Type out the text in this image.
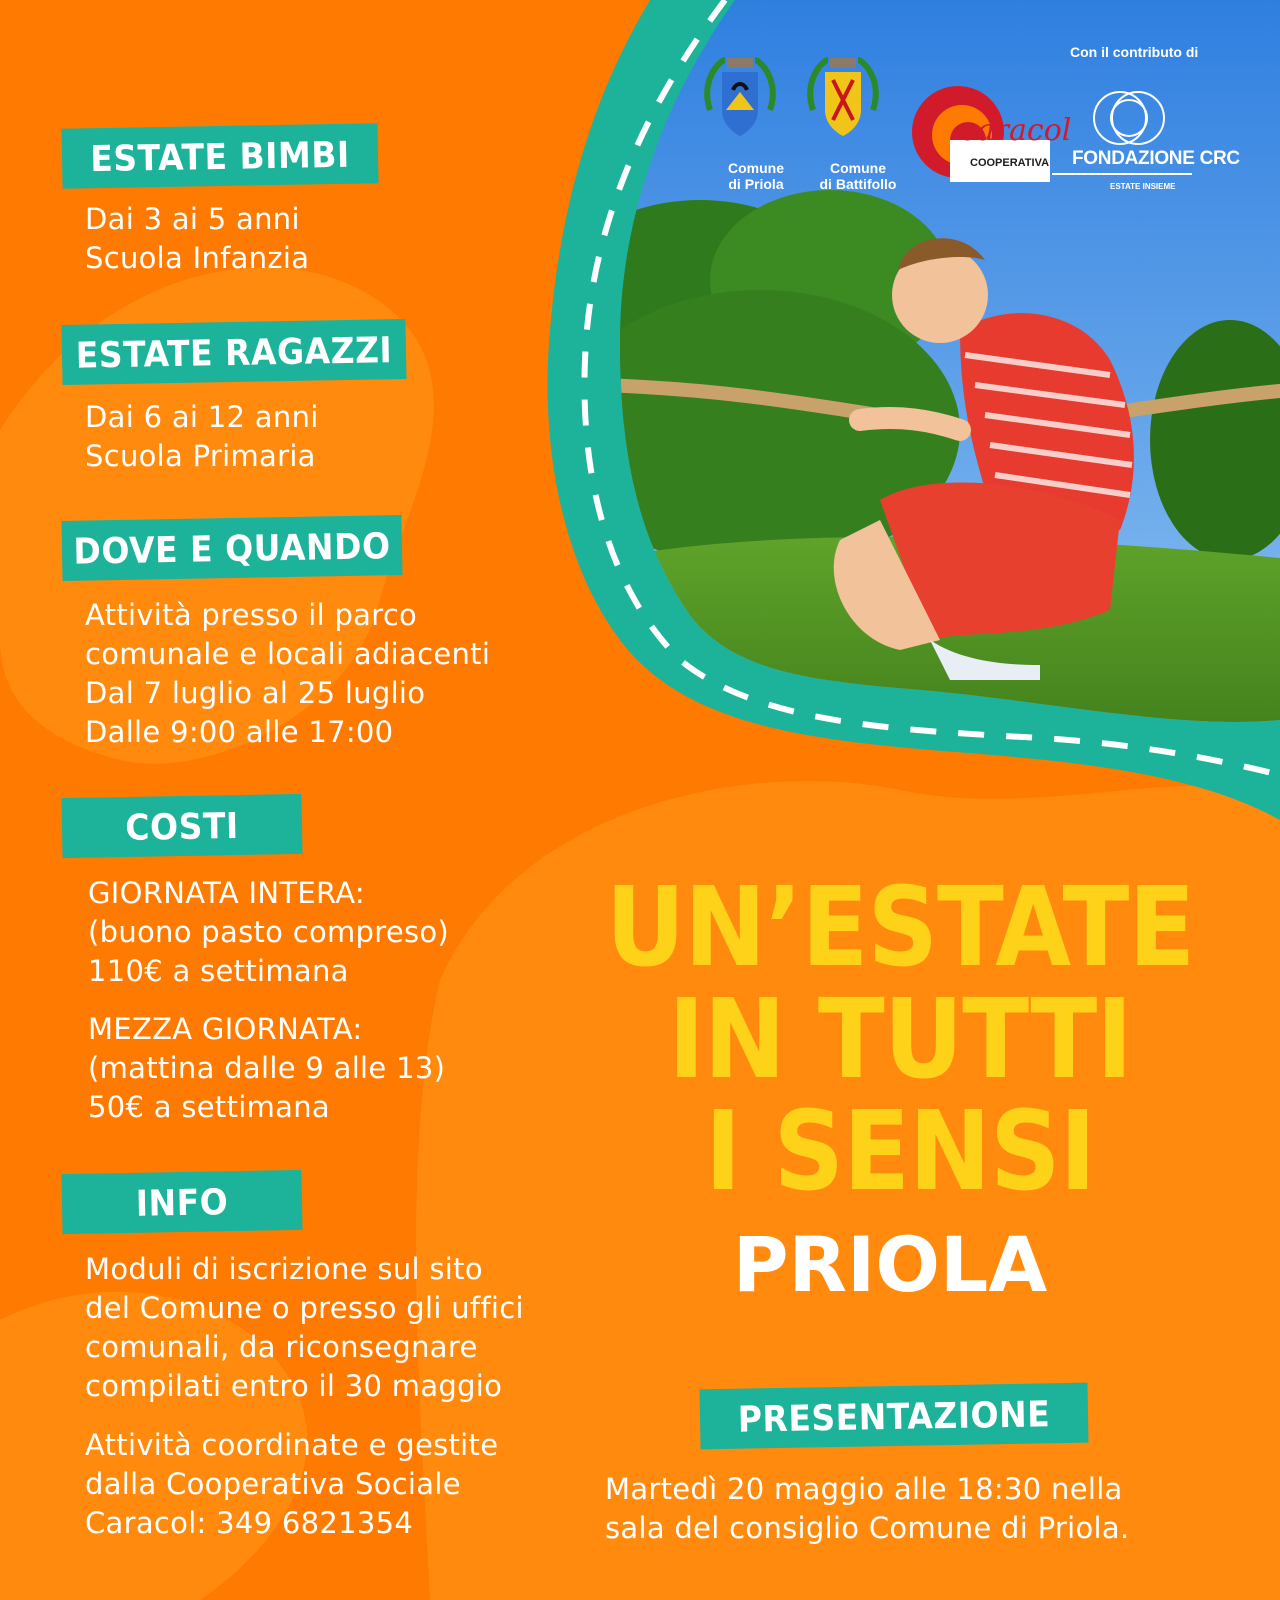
Con il contributo di
Comune
di Priola
Comune
di Battifollo
caracol
COOPERATIVA FONDAZIONE CRC
ESTATE INSIEME
ESTATE BIMBI
Dai 3 ai 5 anni
Scuola Infanzia
ESTATE RAGAZZI
Dai 6 ai 12 anni
Scuola Primaria
DOVE E QUANDO
Attività presso il parco
comunale e locali adiacenti
Dal 7 luglio al 25 luglio
Dalle 9:00 alle 17:00
COSTI
GIORNATA INTERA:
(buono pasto compreso)
110€ a settimana
MEZZA GIORNATA:
(mattina dalle 9 alle 13)
50€ a settimana
INFO
Moduli di iscrizione sul sito
del Comune o presso gli uffici
comunali, da riconsegnare
compilati entro il 30 maggio
Attività coordinate e gestite
dalla Cooperativa Sociale
Caracol: 349 6821354
UN’ESTATE
IN TUTTI
I SENSI
PRIOLA
PRESENTAZIONE
Martedì 20 maggio alle 18:30 nella
sala del consiglio Comune di Priola.
